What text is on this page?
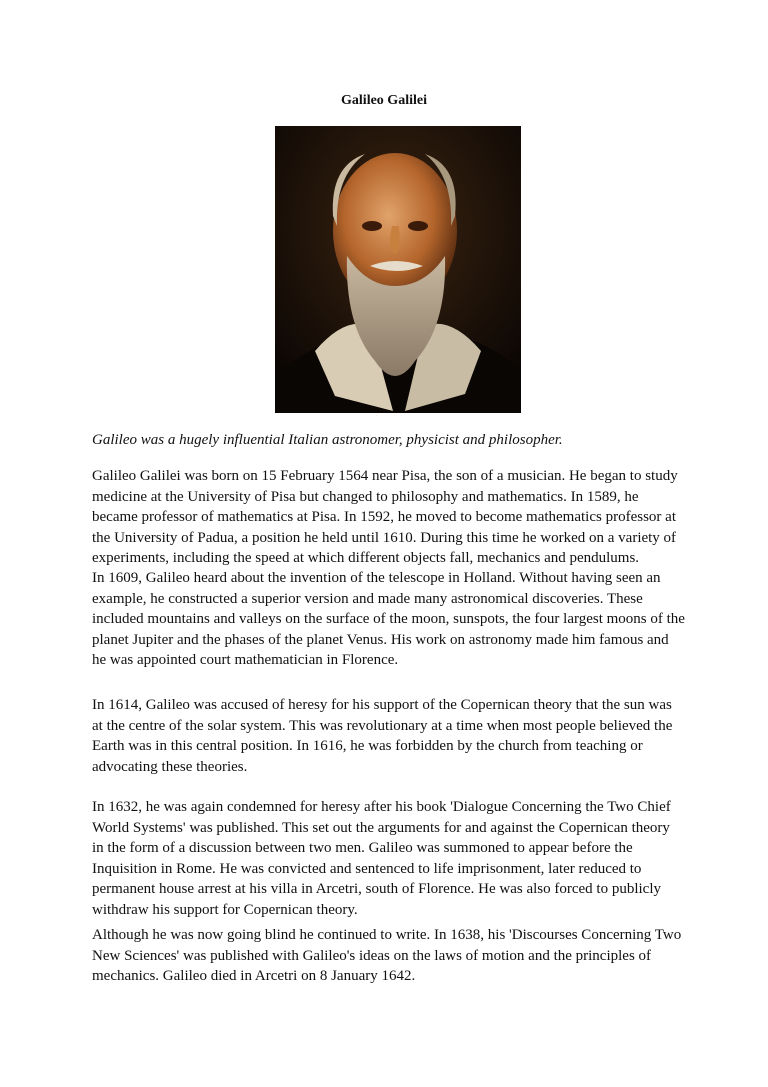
Galileo Galilei
Galileo was a hugely influential Italian astronomer, physicist and philosopher.
Galileo Galilei was born on 15 February 1564 near Pisa, the son of a musician. He began to study
medicine at the University of Pisa but changed to philosophy and mathematics. In 1589, he
became professor of mathematics at Pisa. In 1592, he moved to become mathematics professor at
the University of Padua, a position he held until 1610. During this time he worked on a variety of
experiments, including the speed at which different objects fall, mechanics and pendulums.
In 1609, Galileo heard about the invention of the telescope in Holland. Without having seen an
example, he constructed a superior version and made many astronomical discoveries. These
included mountains and valleys on the surface of the moon, sunspots, the four largest moons of the
planet Jupiter and the phases of the planet Venus. His work on astronomy made him famous and
he was appointed court mathematician in Florence.
In 1614, Galileo was accused of heresy for his support of the Copernican theory that the sun was
at the centre of the solar system. This was revolutionary at a time when most people believed the
Earth was in this central position. In 1616, he was forbidden by the church from teaching or
advocating these theories.
In 1632, he was again condemned for heresy after his book 'Dialogue Concerning the Two Chief
World Systems' was published. This set out the arguments for and against the Copernican theory
in the form of a discussion between two men. Galileo was summoned to appear before the
Inquisition in Rome. He was convicted and sentenced to life imprisonment, later reduced to
permanent house arrest at his villa in Arcetri, south of Florence. He was also forced to publicly
withdraw his support for Copernican theory.
Although he was now going blind he continued to write. In 1638, his 'Discourses Concerning Two
New Sciences' was published with Galileo's ideas on the laws of motion and the principles of
mechanics. Galileo died in Arcetri on 8 January 1642.
